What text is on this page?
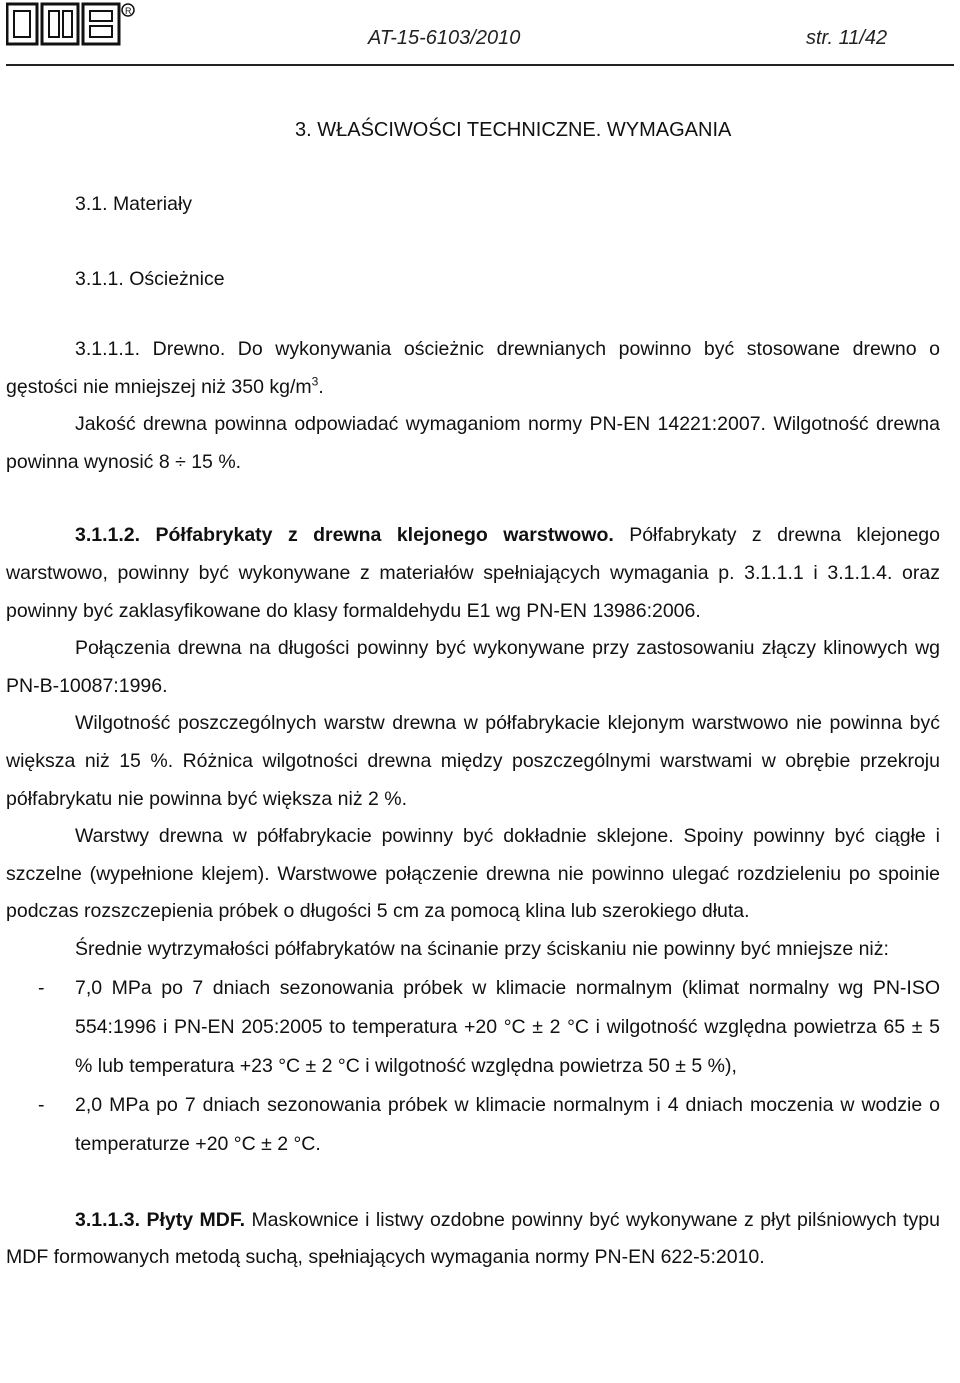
R
AT-15-6103/2010	str. 11/42
3. WŁAŚCIWOŚCI TECHNICZNE. WYMAGANIA

3.1. Materiały

3.1.1. Ościeżnice

3.1.1.1. Drewno. Do wykonywania ościeżnic drewnianych powinno być stosowane drewno o gęstości nie mniejszej niż 350 $kg/m^3$.

Jakość drewna powinna odpowiadać wymaganiom normy PN-EN 14221:2007. Wilgotność drewna powinna wynosić 8 ÷ 15 %.

3.1.1.2. Półfabrykaty z drewna klejonego warstwowo. Półfabrykaty z drewna klejonego warstwowo, powinny być wykonywane z materiałów spełniających wymagania p. 3.1.1.1 i 3.1.1.4. oraz powinny być zaklasyfikowane do klasy formaldehydu E1 wg PN-EN 13986:2006.

Połączenia drewna na długości powinny być wykonywane przy zastosowaniu złączy klinowych wg PN-B-10087:1996.

Wilgotność poszczególnych warstw drewna w półfabrykacie klejonym warstwowo nie powinna być większa niż 15 %. Różnica wilgotności drewna między poszczególnymi warstwami w obrębie przekroju półfabrykatu nie powinna być większa niż 2 %.

Warstwy drewna w półfabrykacie powinny być dokładnie sklejone. Spoiny powinny być ciągłe i szczelne (wypełnione klejem). Warstwowe połączenie drewna nie powinno ulegać rozdzieleniu po spoinie podczas rozszczepienia próbek o długości 5 cm za pomocą klina lub szerokiego dłuta.

Średnie wytrzymałości półfabrykatów na ścinanie przy ściskaniu nie powinny być mniejsze niż:

- 7,0 MPa po 7 dniach sezonowania próbek w klimacie normalnym (klimat normalny wg PN-ISO 554:1996 i PN-EN 205:2005 to temperatura +20 °C ± 2 °C i wilgotność względna powietrza 65 ± 5 % lub temperatura +23 °C ± 2 °C i wilgotność względna powietrza 50 ± 5 %),
- 2,0 MPa po 7 dniach sezonowania próbek w klimacie normalnym i 4 dniach moczenia w wodzie o temperaturze +20 °C ± 2 °C.

3.1.1.3. Płyty MDF. Maskownice i listwy ozdobne powinny być wykonywane z płyt pilśniowych typu MDF formowanych metodą suchą, spełniających wymagania normy PN-EN 622-5:2010.
